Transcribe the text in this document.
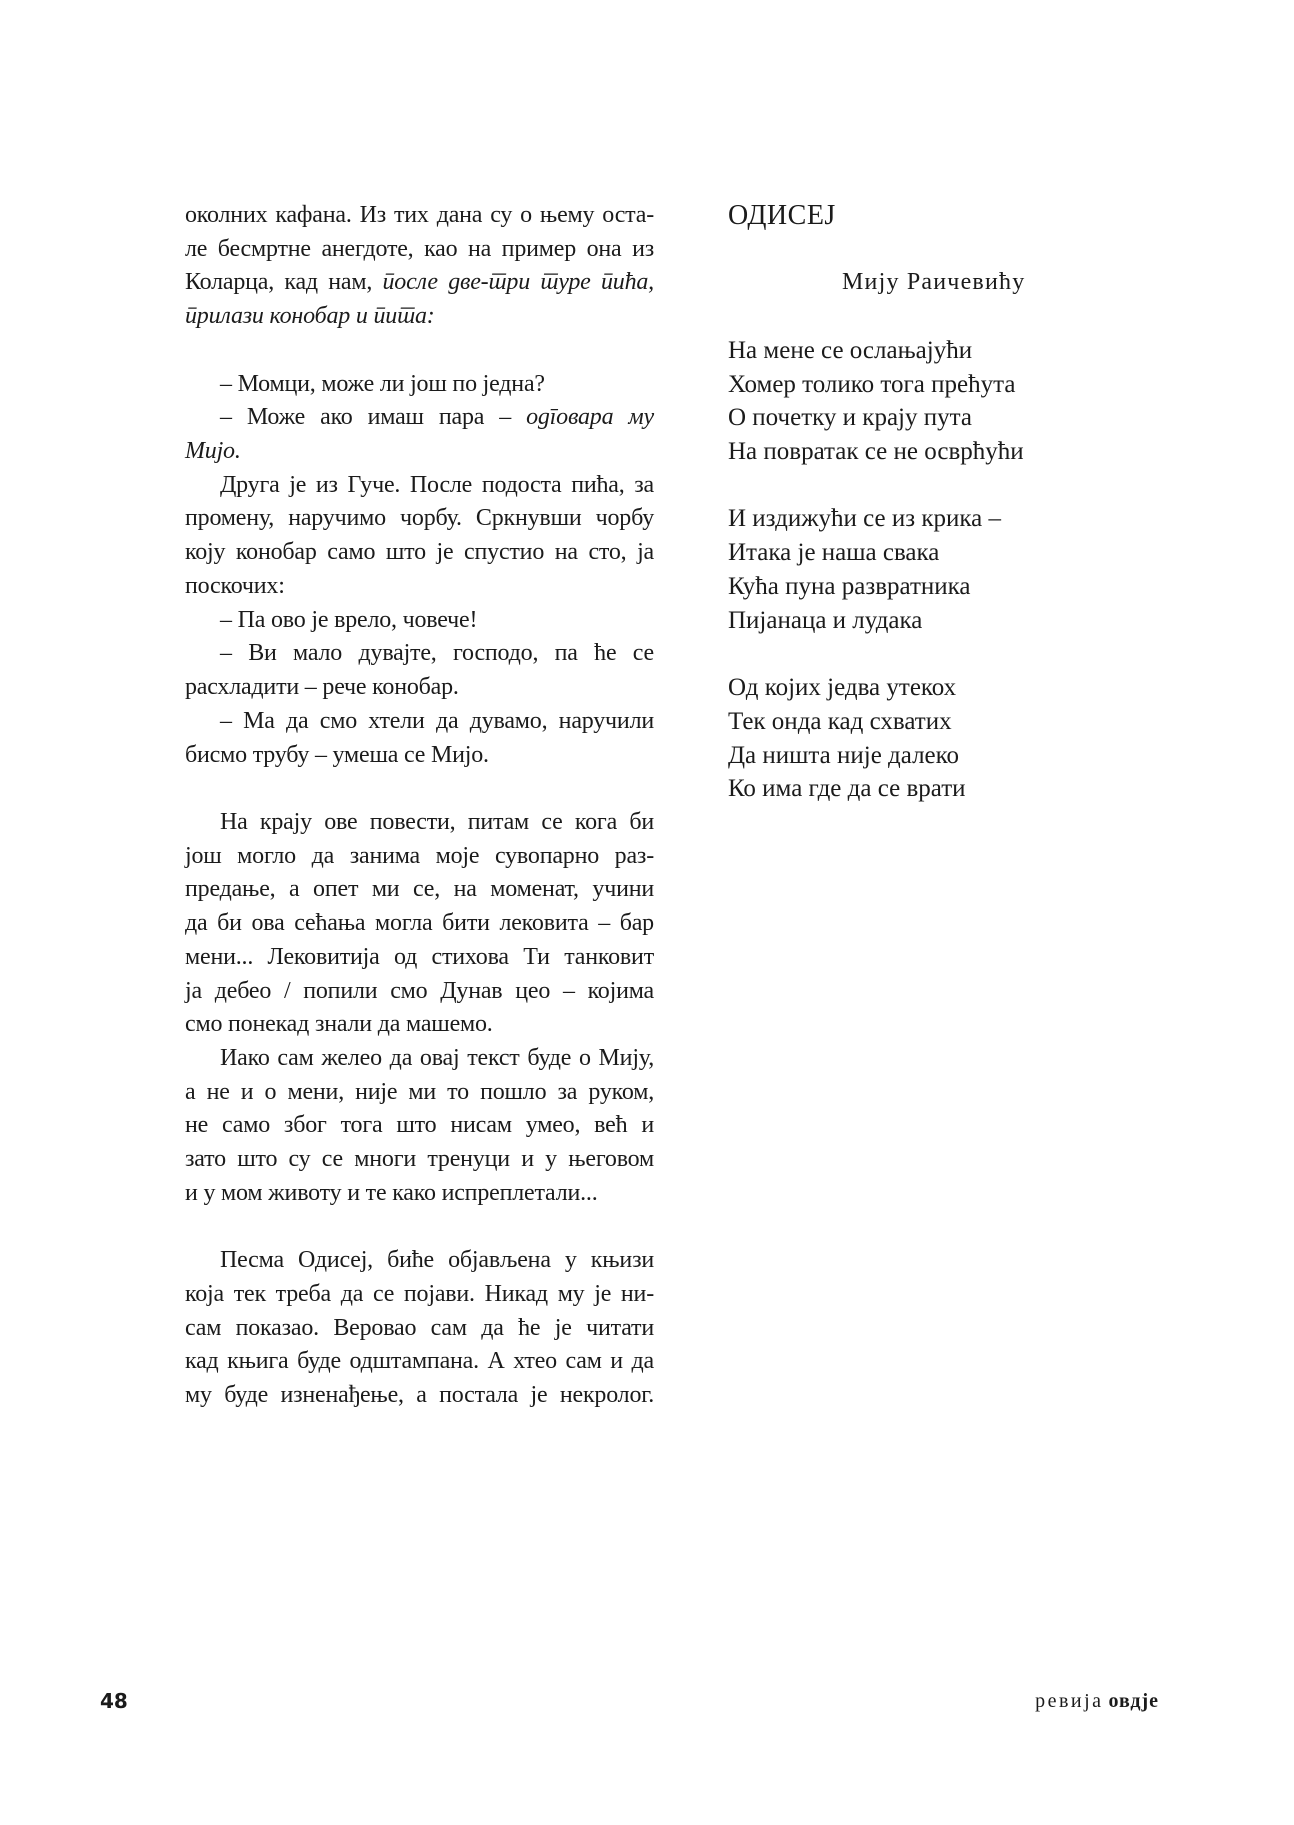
околних кафана. Из тих дана су о њему оста-
ле бесмртне анегдоте, као на пример она из
Коларца, кад нам, после две-три туре пића,
прилази конобар и пита:
– Момци, може ли још по једна?
– Може ако имаш пара – одговара му
Мијо.
Друга је из Гуче. После подоста пића, за
промену, наручимо чорбу. Сркнувши чорбу
коју конобар само што је спустио на сто, ја
поскочих:
– Па ово је врело, човече!
– Ви мало дувајте, господо, па ће се
расхладити – рече конобар.
– Ма да смо хтели да дувамо, наручили
бисмо трубу – умеша се Мијо.
На крају ове повести, питам се кога би
још могло да занима моје сувопарно раз-
предање, а опет ми се, на моменат, учини
да би ова сећања могла бити лековита – бар
мени... Лековитија од стихова Ти танковит
ја дебео / попили смо Дунав цео – којима
смо понекад знали да машемо.
Иако сам желео да овај текст буде о Мију,
а не и о мени, није ми то пошло за руком,
не само због тога што нисам умео, већ и
зато што су се многи тренуци и у његовом
и у мом животу и те како испреплетали...
Песма Одисеј, биће објављена у књизи
која тек треба да се појави. Никад му је ни-
сам показао. Веровао сам да ће је читати
кад књига буде одштампана. А хтео сам и да
му буде изненађење, а постала је некролог.
ОДИСЕЈ
Мију Раичевићу
На мене се ослањајући
Хомер толико тога прећута
О почетку и крају пута
На повратак се не осврћући
И издижући се из крика –
Итака је наша свака
Кућа пуна развратника
Пијанаца и лудака
Од којих једва утекох
Тек онда кад схватих
Да ништа није далеко
Ко има где да се врати
48	ревија овдје
